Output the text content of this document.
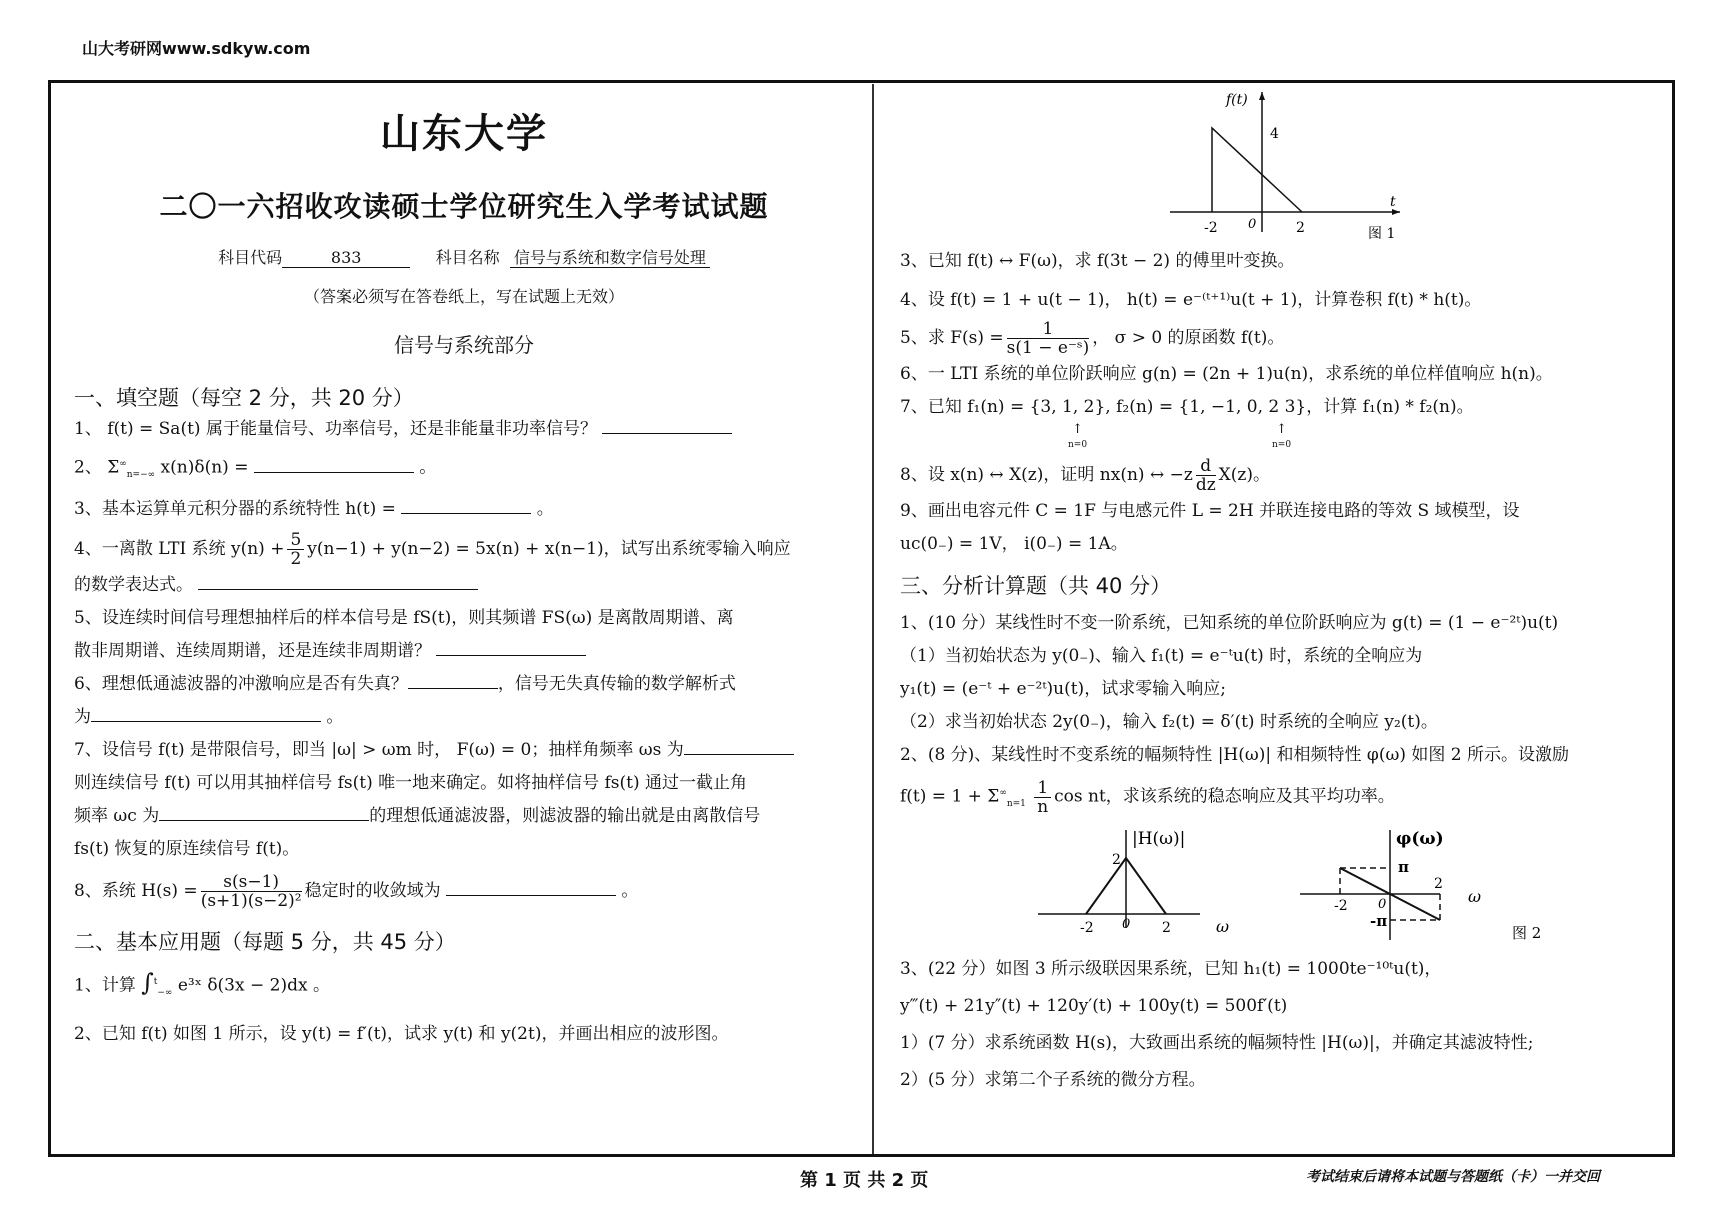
山大考研网www.sdkyw.com
山东大学
二〇一六招收攻读硕士学位研究生入学考试试题
科目代码	833	科目名称 信号与系统和数字信号处理
（答案必须写在答卷纸上，写在试题上无效）
信号与系统部分
一、填空题（每空 2 分，共 20 分）
1、 f(t) = Sa(t) 属于能量信号、功率信号，还是非能量非功率信号？
2、 $\Sigma^\infty_{n=-\infty}$ x(n)δ(n) =	。
3、基本运算单元积分器的系统特性 h(t) =	。
4、一离散 LTI 系统 $y(n) + \frac{5}{2} y(n-1) + y(n-2) = 5x(n) + x(n-1)$，试写出系统零输入响应
的数学表达式。
5、设连续时间信号理想抽样后的样本信号是 fS(t)，则其频谱 FS(ω) 是离散周期谱、离
散非周期谱、连续周期谱，还是连续非周期谱？
6、理想低通滤波器的冲激响应是否有失真？	，信号无失真传输的数学解析式
为	。
7、设信号 f(t) 是带限信号，即当 |ω| > ωm 时， F(ω) = 0；抽样角频率 ωs 为
则连续信号 f(t) 可以用其抽样信号 fs(t) 唯一地来确定。如将抽样信号 fs(t) 通过一截止角
频率 ωc 为	的理想低通滤波器，则滤波器的输出就是由离散信号
fs(t) 恢复的原连续信号 f(t)。
8、系统 $H(s) = \frac{s(s-1)}{\text{(s+1)(s−2)²}}$ 稳定时的收敛域为	。
二、基本应用题（每题 5 分，共 45 分）
1、计算 ∫$^t_{-\infty}$ e³ˣ δ(3x − 2)dx 。
2、已知 f(t) 如图 1 所示，设 y(t) = f′(t)，试求 y(t) 和 y(2t)，并画出相应的波形图。
f(t)
4
-2 0	2
t
图 1
3、已知 f(t) ↔ F(ω)，求 f(3t − 2) 的傅里叶变换。
4、设 f(t) = 1 + u(t − 1)， h(t) = e⁻⁽ᵗ⁺¹⁾u(t + 1)，计算卷积 f(t) * h(t)。
5、求 $F(s) = \frac{1}{\text{s(1 − e⁻ˢ)}}$ ， σ > 0 的原函数 f(t)。
6、一 LTI 系统的单位阶跃响应 g(n) = (2n + 1)u(n)，求系统的单位样值响应 h(n)。
7、已知 f₁(n) = {3, 1, 2}, f₂(n) = {1, −1, 0, 2 3}，计算 f₁(n) * f₂(n)。
↑
n=0
↑
n=0
8、设 x(n) ↔ X(z)，证明 nx(n) ↔ $-z \frac{d}{dz} X(z)$。
9、画出电容元件 C = 1F 与电感元件 L = 2H 并联连接电路的等效 S 域模型，设
uc(0₋) = 1V， i(0₋) = 1A。
三、分析计算题（共 40 分）
1、(10 分）某线性时不变一阶系统，已知系统的单位阶跃响应为 g(t) = (1 − e⁻²ᵗ)u(t)
（1）当初始状态为 y(0₋)、输入 f₁(t) = e⁻ᵗu(t) 时，系统的全响应为
y₁(t) = (e⁻ᵗ + e⁻²ᵗ)u(t)，试求零输入响应;
（2）求当初始状态 2y(0₋)，输入 f₂(t) = δ′(t) 时系统的全响应 y₂(t)。
2、(8 分)、某线性时不变系统的幅频特性 |H(ω)| 和相频特性 φ(ω) 如图 2 所示。设激励
$f(t) = 1 + \Sigma^\infty_{n=1} \frac{1}{n}$ cos nt，求该系统的稳态响应及其平均功率。
|H(ω)|
2
-2 0 2	ω
φ(ω)
π
-π
-2 0
2
ω
图 2
3、(22 分）如图 3 所示级联因果系统，已知 h₁(t) = 1000te⁻¹⁰ᵗu(t)，
y‴(t) + 21y″(t) + 120y′(t) + 100y(t) = 500f′(t)
1）(7 分）求系统函数 H(s)，大致画出系统的幅频特性 |H(ω)|，并确定其滤波特性;
2）(5 分）求第二个子系统的微分方程。
第 1 页 共 2 页	考试结束后请将本试题与答题纸（卡）一并交回
